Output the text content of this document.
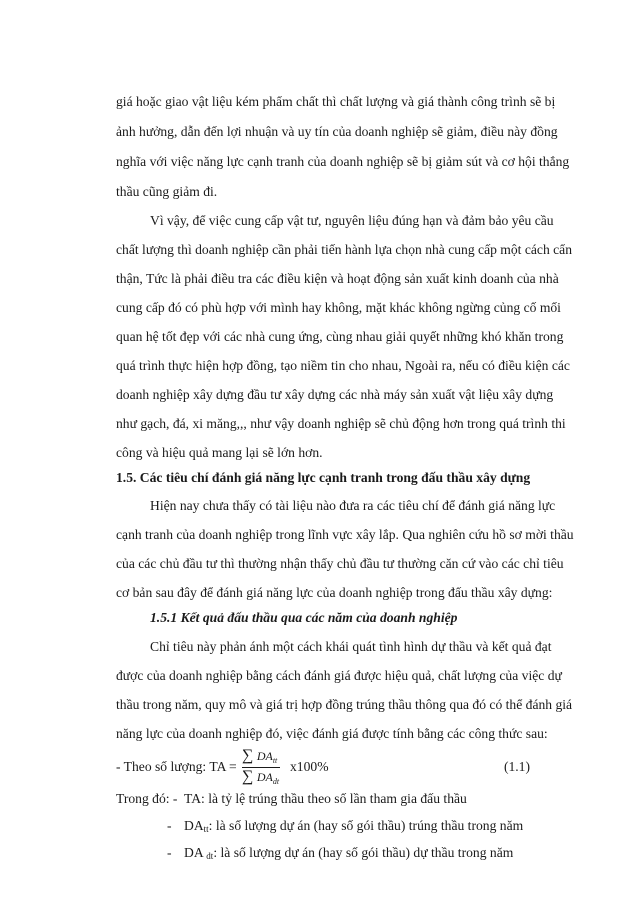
giá hoặc giao vật liệu kém phẩm chất thì chất lượng và giá thành công trình sẽ bị
ảnh hưởng, dẫn đến lợi nhuận và uy tín của doanh nghiệp sẽ giảm, điều này đồng
nghĩa với việc năng lực cạnh tranh của doanh nghiệp sẽ bị giảm sút và cơ hội thắng
thầu cũng giảm đi.
Vì vậy, để việc cung cấp vật tư, nguyên liệu đúng hạn và đảm bảo yêu cầu
chất lượng thì doanh nghiệp cần phải tiến hành lựa chọn nhà cung cấp một cách cẩn
thận, Tức là phải điều tra các điều kiện và hoạt động sản xuất kinh doanh của nhà
cung cấp đó có phù hợp với mình hay không, mặt khác không ngừng củng cố mối
quan hệ tốt đẹp với các nhà cung ứng, cùng nhau giải quyết những khó khăn trong
quá trình thực hiện hợp đồng, tạo niềm tin cho nhau, Ngoài ra, nếu có điều kiện các
doanh nghiệp xây dựng đầu tư xây dựng các nhà máy sản xuất vật liệu xây dựng
như gạch, đá, xi măng,,, như vậy doanh nghiệp sẽ chủ động hơn trong quá trình thi
công và hiệu quả mang lại sẽ lớn hơn.
1.5. Các tiêu chí đánh giá năng lực cạnh tranh trong đấu thầu xây dựng
Hiện nay chưa thấy có tài liệu nào đưa ra các tiêu chí để đánh giá năng lực
cạnh tranh của doanh nghiệp trong lĩnh vực xây lắp. Qua nghiên cứu hồ sơ mời thầu
của các chủ đầu tư thì thường nhận thấy chủ đầu tư thường căn cứ vào các chỉ tiêu
cơ bản sau đây để đánh giá năng lực của doanh nghiệp trong đấu thầu xây dựng:
1.5.1 Kết quả đấu thầu qua các năm của doanh nghiệp
Chỉ tiêu này phản ánh một cách khái quát tình hình dự thầu và kết quả đạt
được của doanh nghiệp bằng cách đánh giá được hiệu quả, chất lượng của việc dự
thầu trong năm, quy mô và giá trị hợp đồng trúng thầu thông qua đó có thể đánh giá
năng lực của doanh nghiệp đó, việc đánh giá được tính bằng các công thức sau:
- Theo số lượng: TA =
∑ $DA_{tt}$
∑ $DA_{dt}$
x100%	(1.1)
Trong đó: - TA: là tỷ lệ trúng thầu theo số lần tham gia đấu thầu
- $DA_{tt}$: là số lượng dự án (hay số gói thầu) trúng thầu trong năm
- DA $_{dt}$: là số lượng dự án (hay số gói thầu) dự thầu trong năm
